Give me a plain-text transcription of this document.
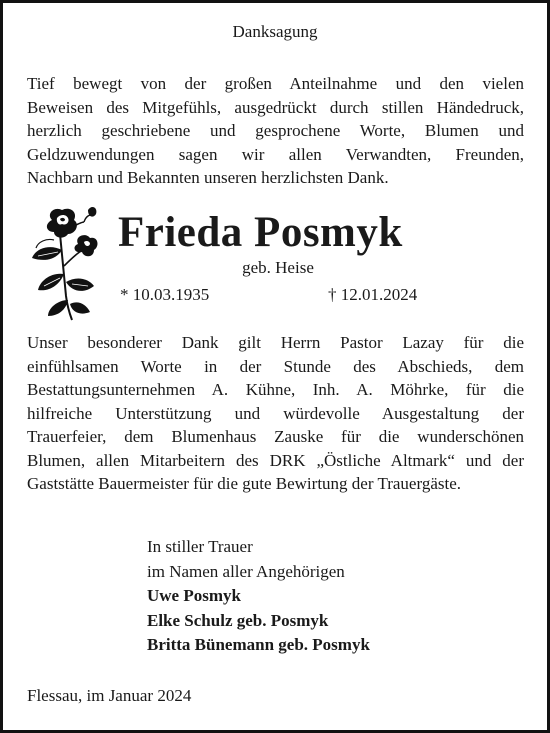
Danksagung
Tief bewegt von der großen Anteilnahme und den vielen
Beweisen des Mitgefühls, ausgedrückt durch stillen Händedruck,
herzlich geschriebene und gesprochene Worte, Blumen und
Geldzuwendungen sagen wir allen Verwandten, Freunden,
Nachbarn und Bekannten unseren herzlichsten Dank.
Frieda Posmyk
geb. Heise
* 10.03.1935	† 12.01.2024
Unser besonderer Dank gilt Herrn Pastor Lazay für die
einfühlsamen Worte in der Stunde des Abschieds, dem
Bestattungsunternehmen A. Kühne, Inh. A. Möhrke, für die
hilfreiche Unterstützung und würdevolle Ausgestaltung der
Trauerfeier, dem Blumenhaus Zauske für die wunderschönen
Blumen, allen Mitarbeitern des DRK „Östliche Altmark“ und der
Gaststätte Bauermeister für die gute Bewirtung der Trauergäste.
In stiller Trauer
im Namen aller Angehörigen
Uwe Posmyk
Elke Schulz geb. Posmyk
Britta Bünemann geb. Posmyk
Flessau, im Januar 2024
